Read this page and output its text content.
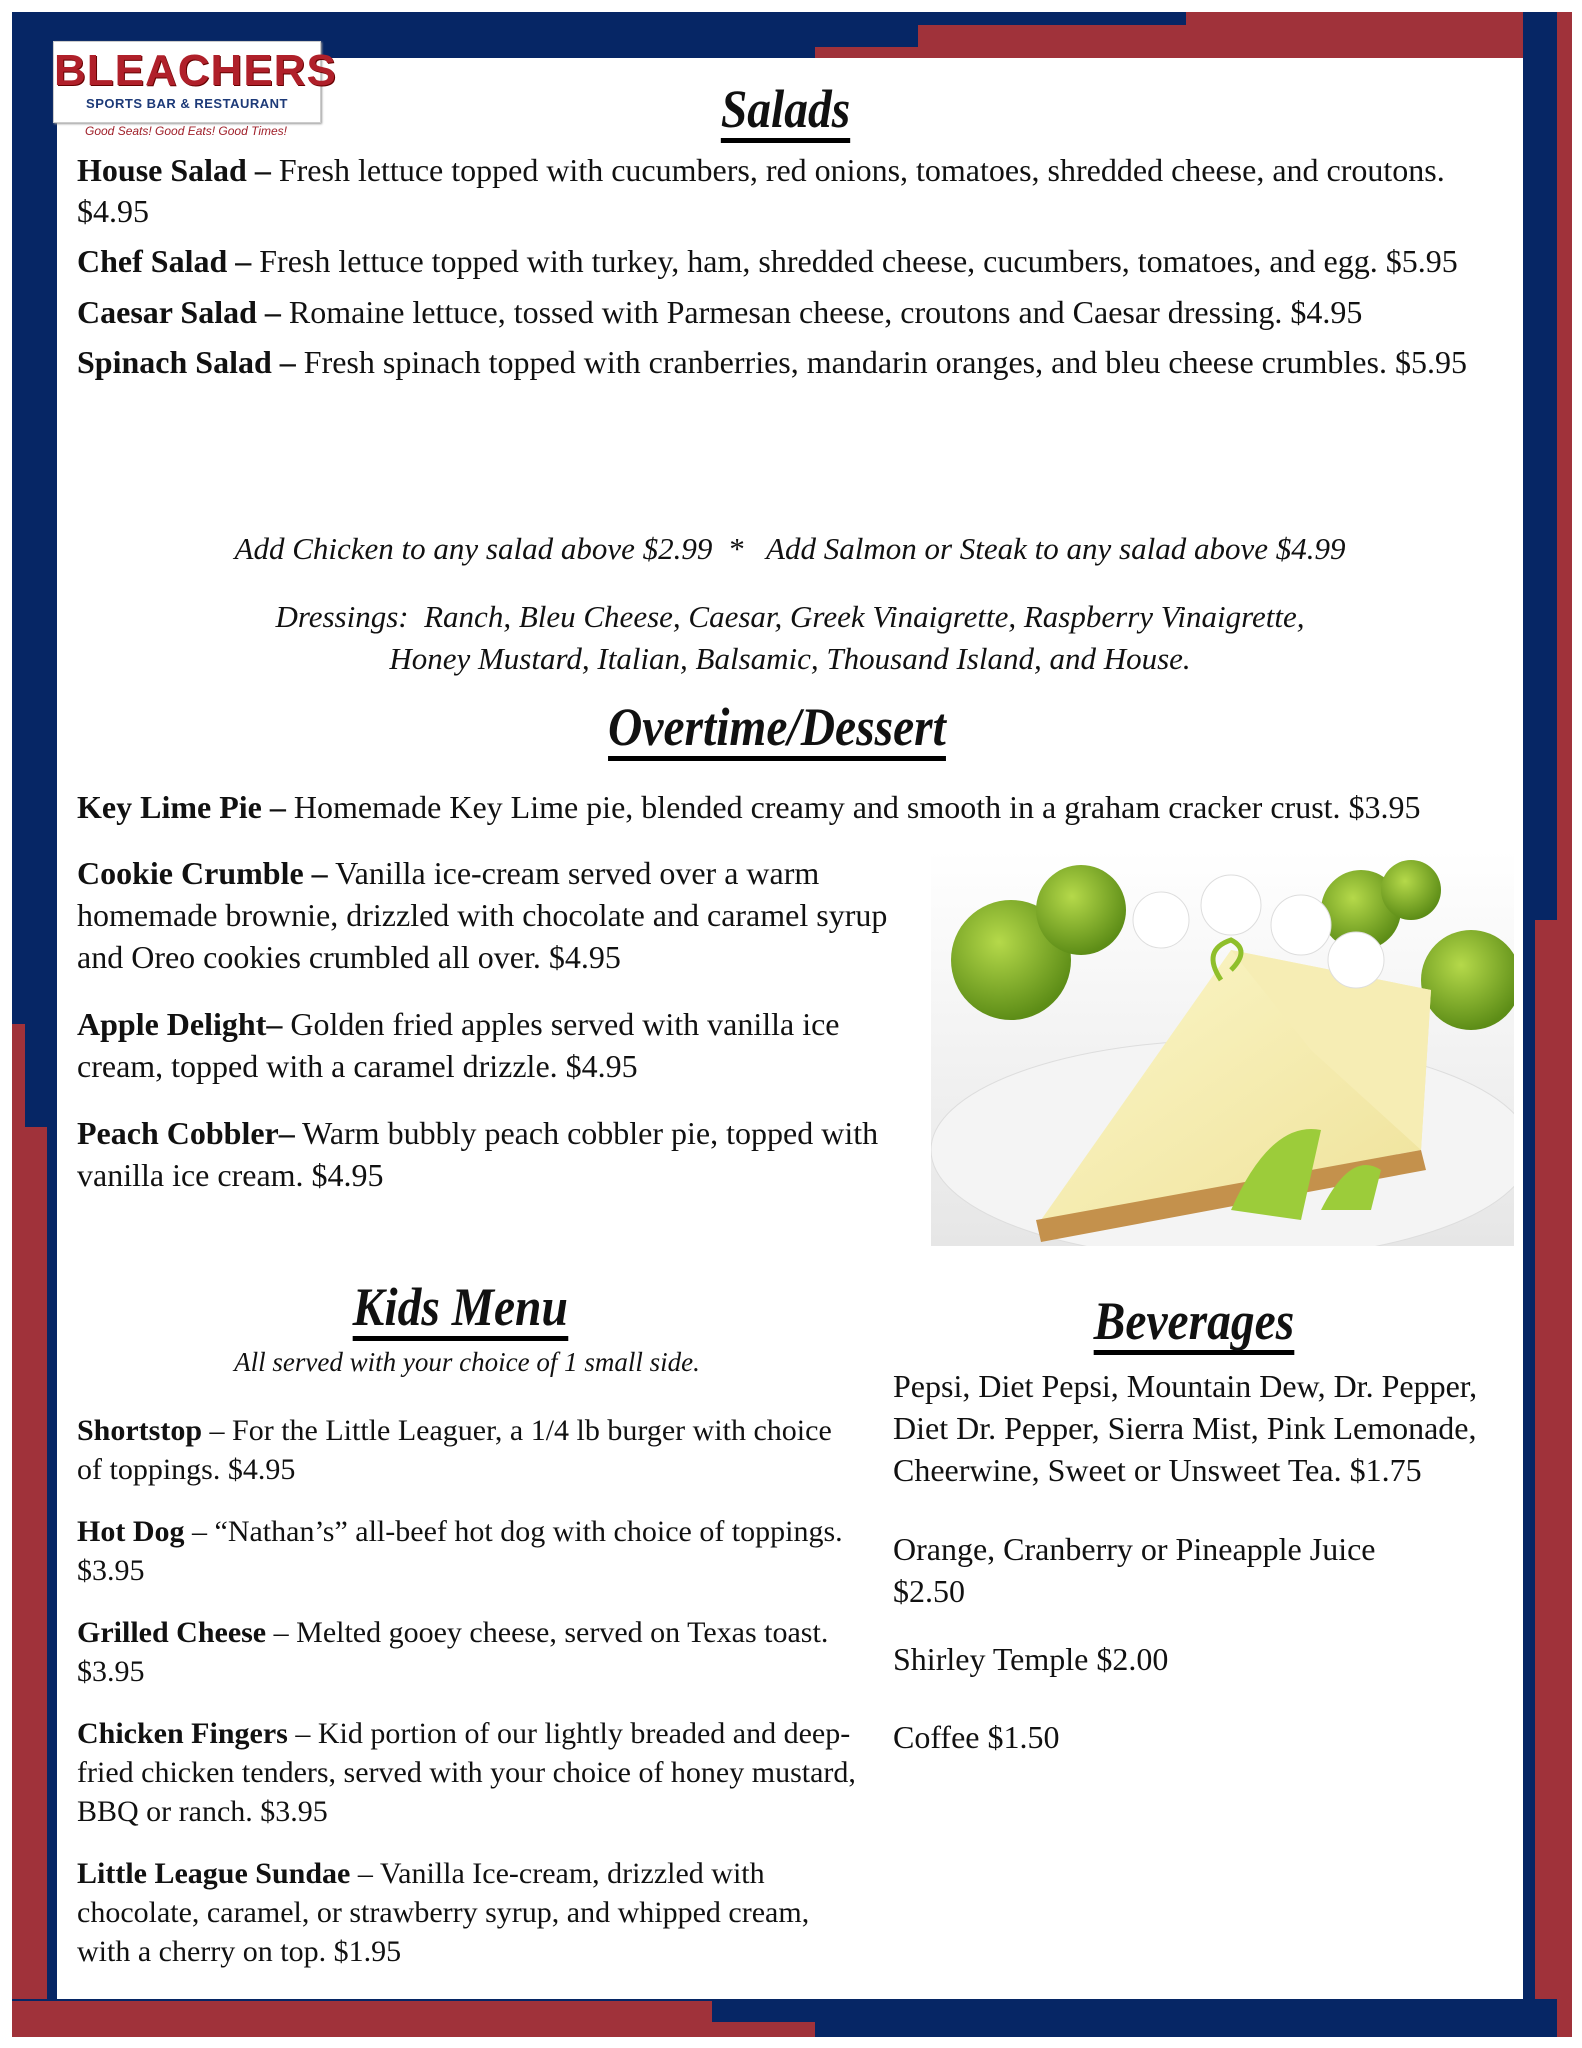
BLEACHERS
SPORTS BAR & RESTAURANT
Good Seats! Good Eats! Good Times!	Salads
House Salad – Fresh lettuce topped with cucumbers, red onions, tomatoes, shredded cheese, and croutons. $4.95
Chef Salad – Fresh lettuce topped with turkey, ham, shredded cheese, cucumbers, tomatoes, and egg. $5.95
Caesar Salad – Romaine lettuce, tossed with Parmesan cheese, croutons and Caesar dressing. $4.95
Spinach Salad – Fresh spinach topped with cranberries, mandarin oranges, and bleu cheese crumbles. $5.95
Add Chicken to any salad above $2.99  *   Add Salmon or Steak to any salad above $4.99
Dressings:  Ranch, Bleu Cheese, Caesar, Greek Vinaigrette, Raspberry Vinaigrette,
Honey Mustard, Italian, Balsamic, Thousand Island, and House.
Overtime/Dessert
Key Lime Pie – Homemade Key Lime pie, blended creamy and smooth in a graham cracker crust. $3.95
Cookie Crumble – Vanilla ice-cream served over a warm homemade brownie, drizzled with chocolate and caramel syrup and Oreo cookies crumbled all over. $4.95
Apple Delight– Golden fried apples served with vanilla ice cream, topped with a caramel drizzle. $4.95
Peach Cobbler– Warm bubbly peach cobbler pie, topped with vanilla ice cream. $4.95
Kids Menu
All served with your choice of 1 small side.
Shortstop – For the Little Leaguer, a 1/4 lb burger with choice of toppings. $4.95
Hot Dog – “Nathan’s” all-beef hot dog with choice of toppings. $3.95
Grilled Cheese – Melted gooey cheese, served on Texas toast. $3.95
Chicken Fingers – Kid portion of our lightly breaded and deep-fried chicken tenders, served with your choice of honey mustard, BBQ or ranch. $3.95
Little League Sundae – Vanilla Ice-cream, drizzled with chocolate, caramel, or strawberry syrup, and whipped cream, with a cherry on top. $1.95
Beverages
Pepsi, Diet Pepsi, Mountain Dew, Dr. Pepper, Diet Dr. Pepper, Sierra Mist, Pink Lemonade, Cheerwine, Sweet or Unsweet Tea. $1.75
Orange, Cranberry or Pineapple Juice $2.50
Shirley Temple $2.00
Coffee $1.50
